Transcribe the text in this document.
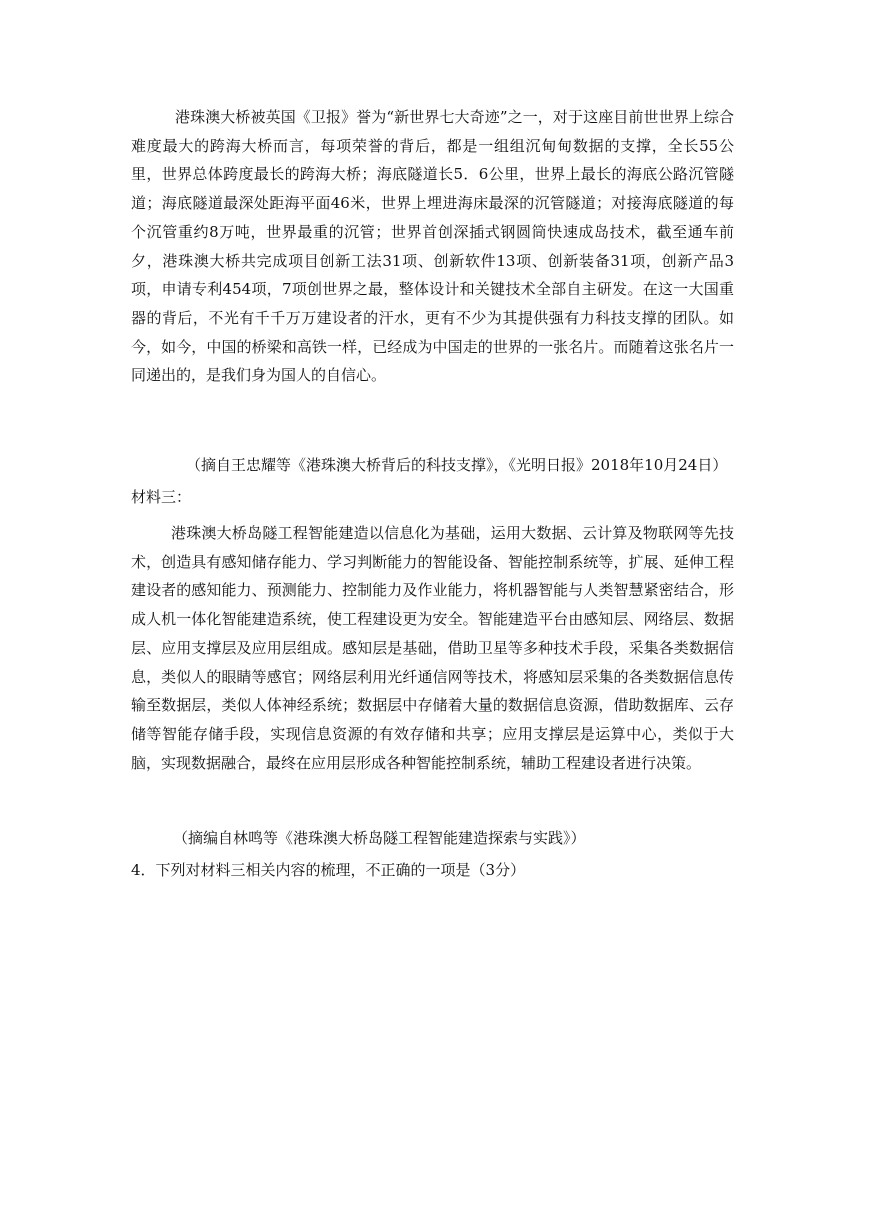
港珠澳大桥被英国《卫报》誉为“新世界七大奇迹”之一，对于这座目前世世界上综合难度最大的跨海大桥而言，每项荣誉的背后，都是一组组沉甸甸数据的支撑，全长55公里，世界总体跨度最长的跨海大桥；海底隧道长5．6公里，世界上最长的海底公路沉管隧道；海底隧道最深处距海平面46米，世界上埋进海床最深的沉管隧道；对接海底隧道的每个沉管重约8万吨，世界最重的沉管；世界首创深插式钢圆筒快速成岛技术，截至通车前夕，港珠澳大桥共完成项目创新工法31项、创新软件13项、创新装备31项，创新产品3项，申请专利454项，7项创世界之最，整体设计和关键技术全部自主研发。在这一大国重器的背后，不光有千千万万建设者的汗水，更有不少为其提供强有力科技支撑的团队。如今，如今，中国的桥梁和高铁一样，已经成为中国走的世界的一张名片。而随着这张名片一同递出的，是我们身为国人的自信心。

（摘自王忠耀等《港珠澳大桥背后的科技支撑》，《光明日报》2018年10月24日）

材料三：

港珠澳大桥岛隧工程智能建造以信息化为基础，运用大数据、云计算及物联网等先技术，创造具有感知储存能力、学习判断能力的智能设备、智能控制系统等，扩展、延伸工程建设者的感知能力、预测能力、控制能力及作业能力，将机器智能与人类智慧紧密结合，形成人机一体化智能建造系统，使工程建设更为安全。智能建造平台由感知层、网络层、数据层、应用支撑层及应用层组成。感知层是基础，借助卫星等多种技术手段，采集各类数据信息，类似人的眼睛等感官；网络层利用光纤通信网等技术，将感知层采集的各类数据信息传输至数据层，类似人体神经系统；数据层中存储着大量的数据信息资源，借助数据库、云存储等智能存储手段，实现信息资源的有效存储和共享；应用支撑层是运算中心，类似于大脑，实现数据融合，最终在应用层形成各种智能控制系统，辅助工程建设者进行决策。

（摘编自林鸣等《港珠澳大桥岛隧工程智能建造探索与实践》）

4．下列对材料三相关内容的梳理，不正确的一项是（3分）
